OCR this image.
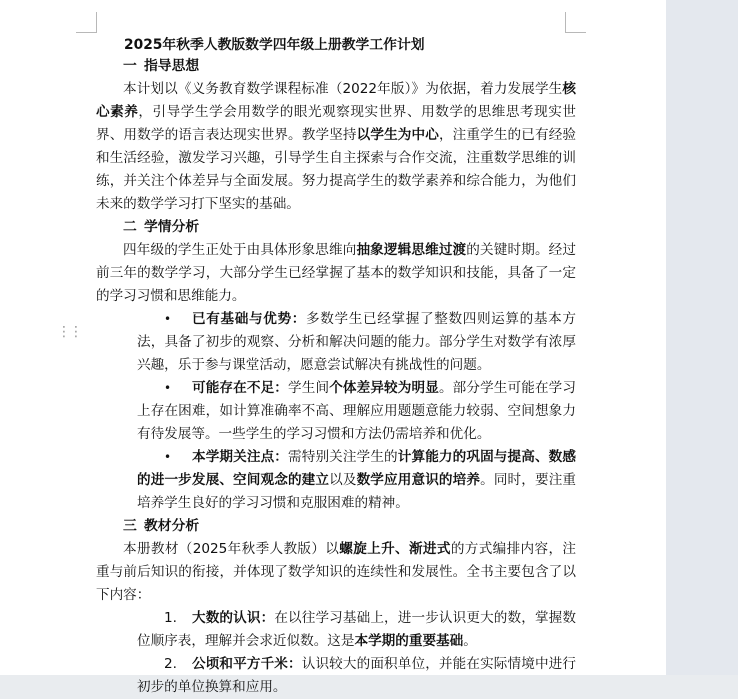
⋮⋮
2025年秋季人教版数学四年级上册教学工作计划
一 指导思想

本计划以《义务教育数学课程标准（2022年版）》为依据，着力发展学生核心素养，引导学生学会用数学的眼光观察现实世界、用数学的思维思考现实世界、用数学的语言表达现实世界。教学坚持以学生为中心，注重学生的已有经验和生活经验，激发学习兴趣，引导学生自主探索与合作交流，注重数学思维的训练，并关注个体差异与全面发展。努力提高学生的数学素养和综合能力，为他们未来的数学学习打下坚实的基础。

二 学情分析

四年级的学生正处于由具体形象思维向抽象逻辑思维过渡的关键时期。经过前三年的数学学习，大部分学生已经掌握了基本的数学知识和技能，具备了一定的学习习惯和思维能力。

• 已有基础与优势：多数学生已经掌握了整数四则运算的基本方法，具备了初步的观察、分析和解决问题的能力。部分学生对数学有浓厚兴趣，乐于参与课堂活动，愿意尝试解决有挑战性的问题。
• 可能存在不足：学生间个体差异较为明显。部分学生可能在学习上存在困难，如计算准确率不高、理解应用题题意能力较弱、空间想象力有待发展等。一些学生的学习习惯和方法仍需培养和优化。
• 本学期关注点：需特别关注学生的计算能力的巩固与提高、数感的进一步发展、空间观念的建立以及数学应用意识的培养。同时，要注重培养学生良好的学习习惯和克服困难的精神。
三 教材分析

本册教材（2025年秋季人教版）以螺旋上升、渐进式的方式编排内容，注重与前后知识的衔接，并体现了数学知识的连续性和发展性。全书主要包含了以下内容：

1. 大数的认识：在以往学习基础上，进一步认识更大的数，掌握数位顺序表，理解并会求近似数。这是本学期的重要基础。
2. 公顷和平方千米：认识较大的面积单位，并能在实际情境中进行初步的单位换算和应用。
